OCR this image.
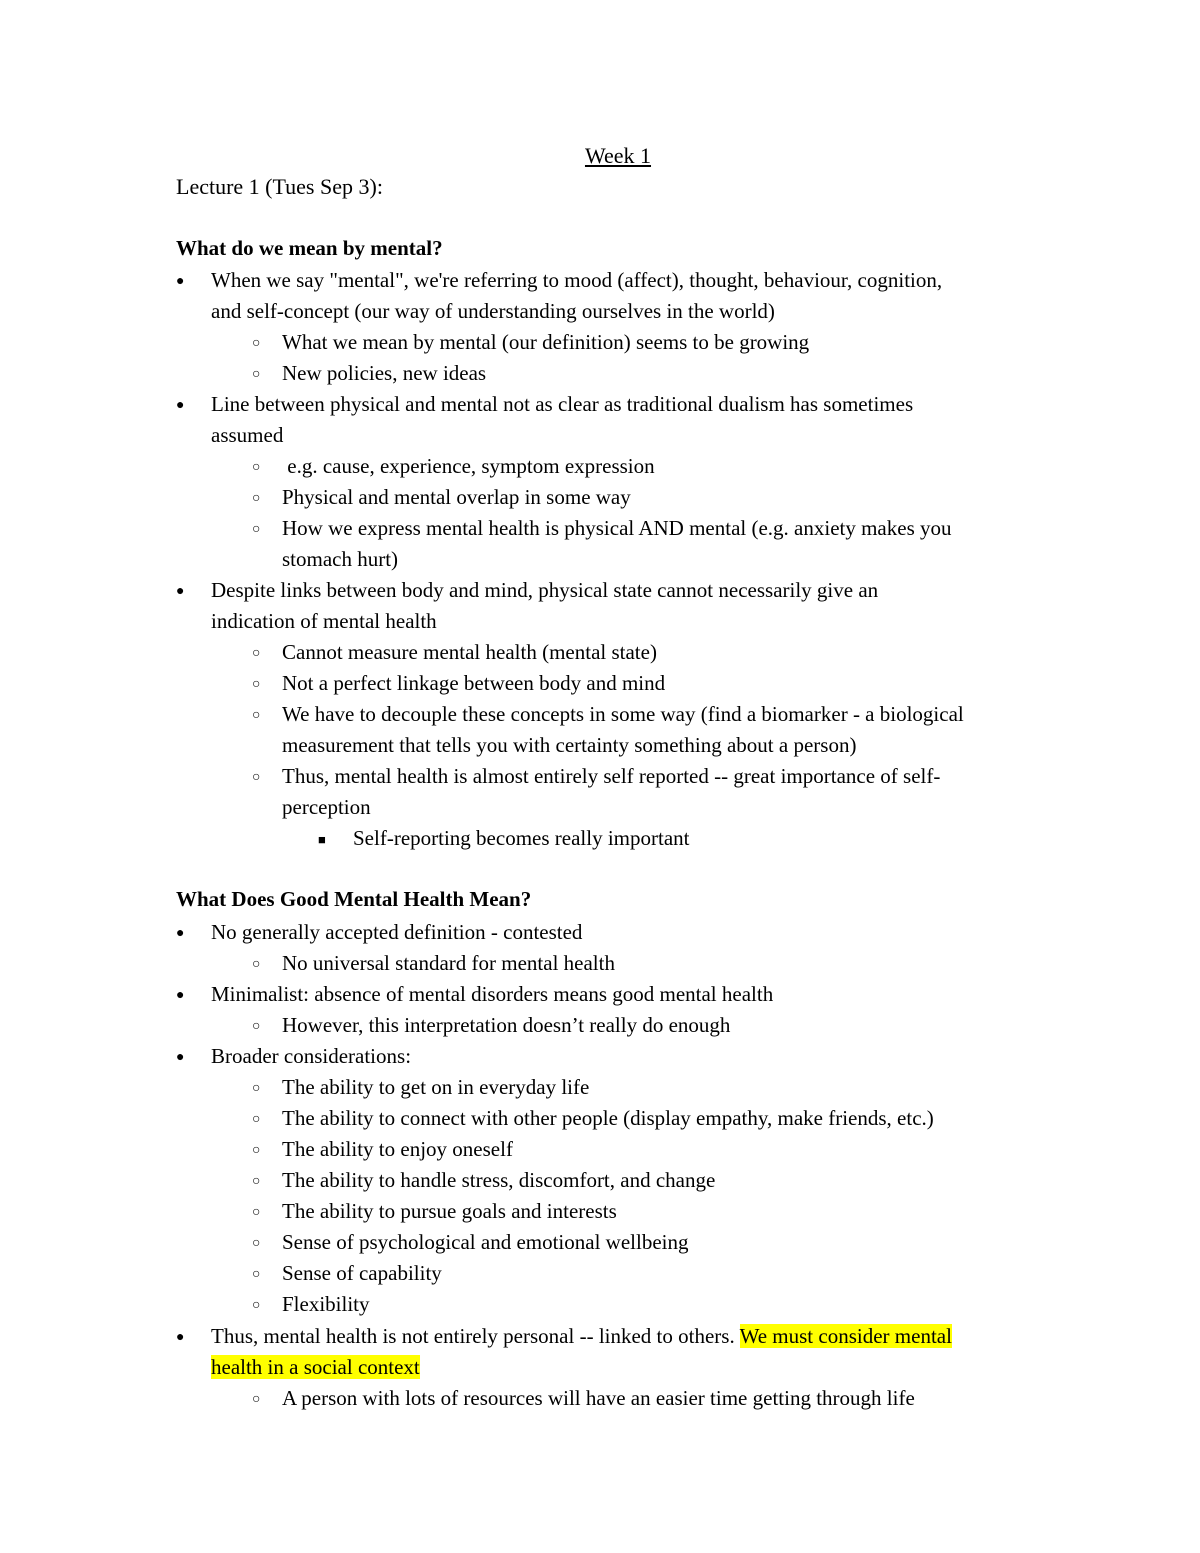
Week 1
Lecture 1 (Tues Sep 3):
What do we mean by mental?
● When we say "mental", we're referring to mood (affect), thought, behaviour, cognition,
and self-concept (our way of understanding ourselves in the world)
○ What we mean by mental (our definition) seems to be growing
○ New policies, new ideas
● Line between physical and mental not as clear as traditional dualism has sometimes
assumed
○ e.g. cause, experience, symptom expression
○ Physical and mental overlap in some way
○ How we express mental health is physical AND mental (e.g. anxiety makes you
stomach hurt)
● Despite links between body and mind, physical state cannot necessarily give an
indication of mental health
○ Cannot measure mental health (mental state)
○ Not a perfect linkage between body and mind
○ We have to decouple these concepts in some way (find a biomarker - a biological
measurement that tells you with certainty something about a person)
○ Thus, mental health is almost entirely self reported -- great importance of self-
perception
■ Self-reporting becomes really important
What Does Good Mental Health Mean?
● No generally accepted definition - contested
○ No universal standard for mental health
● Minimalist: absence of mental disorders means good mental health
○ However, this interpretation doesn’t really do enough
● Broader considerations:
○ The ability to get on in everyday life
○ The ability to connect with other people (display empathy, make friends, etc.)
○ The ability to enjoy oneself
○ The ability to handle stress, discomfort, and change
○ The ability to pursue goals and interests
○ Sense of psychological and emotional wellbeing
○ Sense of capability
○ Flexibility
● Thus, mental health is not entirely personal -- linked to others. We must consider mental
health in a social context
○ A person with lots of resources will have an easier time getting through life
